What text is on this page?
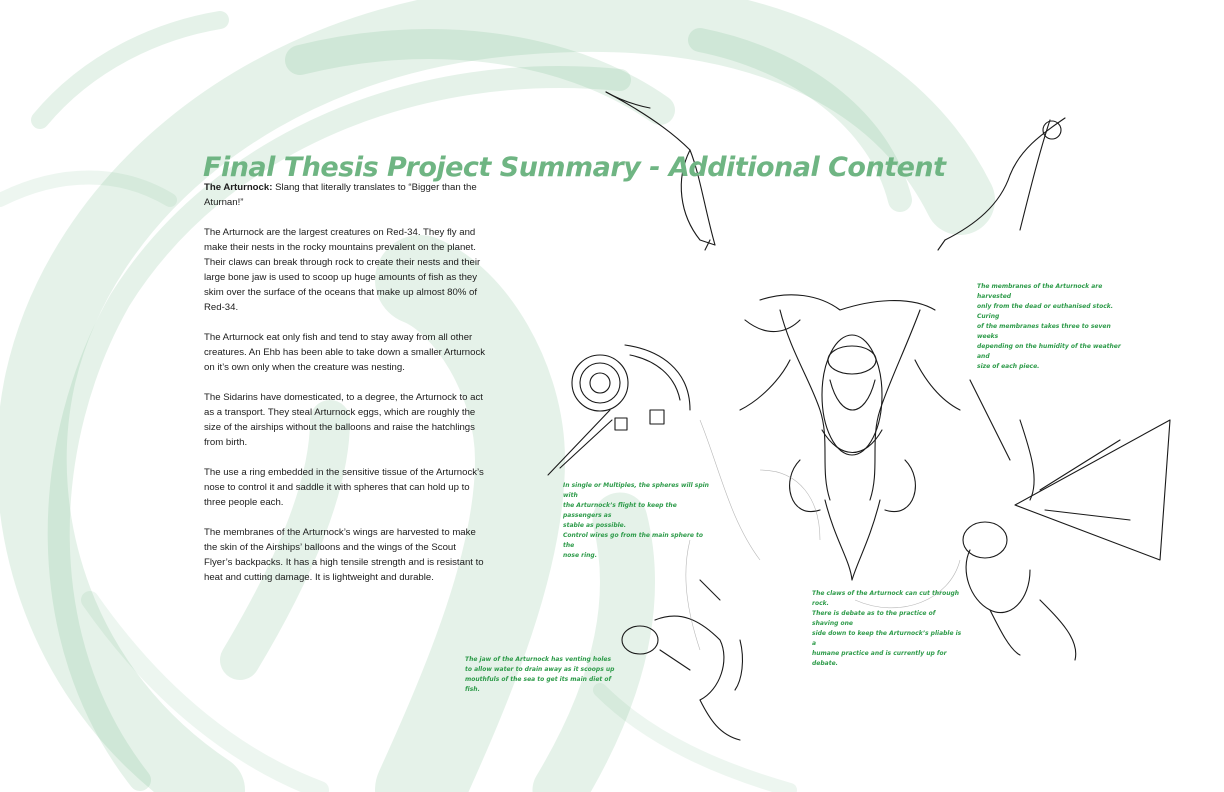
Final Thesis Project Summary - Additional Content

The Arturnock: Slang that literally translates to “Bigger than the Aturnan!”

The Arturnock are the largest creatures on Red-34. They fly and make their nests in the rocky mountains prevalent on the planet. Their claws can break through rock to create their nests and their large bone jaw is used to scoop up huge amounts of fish as they skim over the surface of the oceans that make up almost 80% of Red-34.

The Arturnock eat only fish and tend to stay away from all other creatures. An Ehb has been able to take down a smaller Arturnock on it’s own only when the creature was nesting.

The Sidarins have domesticated, to a degree, the Arturnock to act as a transport. They steal Arturnock eggs, which are roughly the size of the airships without the balloons and raise the hatchlings from birth.

The use a ring embedded in the sensitive tissue of the Arturnock’s nose to control it and saddle it with spheres that can hold up to three people each.

The membranes of the Arturnock’s wings are harvested to make the skin of the Airships’ balloons and the wings of the Scout Flyer’s backpacks. It has a high tensile strength and is resistant to heat and cutting damage. It is lightweight and durable.

The membranes of the Arturnock are harvested
only from the dead or euthanised stock. Curing
of the membranes takes three to seven weeks
depending on the humidity of the weather and
size of each piece.
In single or Multiples, the spheres will spin with
the Arturnock’s flight to keep the passengers as
stable as possible.
Control wires go from the main sphere to the
nose ring.
The claws of the Arturnock can cut through rock.
There is debate as to the practice of shaving one
side down to keep the Arturnock’s pliable is a
humane practice and is currently up for debate.
The jaw of the Arturnock has venting holes
to allow water to drain away as it scoops up
mouthfuls of the sea to get its main diet of fish.
